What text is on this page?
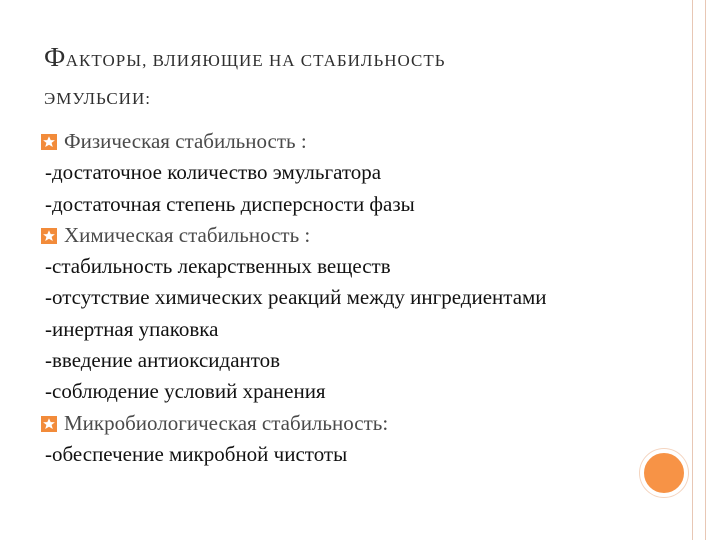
ФАКТОРЫ, ВЛИЯЮЩИЕ НА СТАБИЛЬНОСТЬ
ЭМУЛЬСИИ:
Физическая стабильность :
-достаточное количество эмульгатора
-достаточная степень дисперсности фазы
Химическая стабильность :
-стабильность лекарственных веществ
-отсутствие химических реакций между ингредиентами
-инертная упаковка
-введение антиоксидантов
-соблюдение условий хранения
Микробиологическая стабильность:
-обеспечение микробной чистоты
